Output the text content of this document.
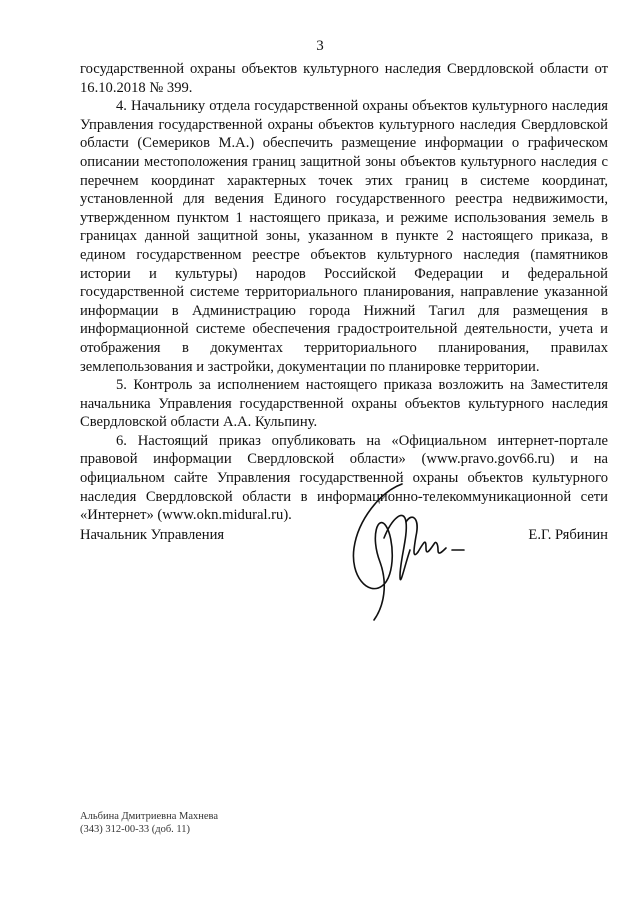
3

государственной охраны объектов культурного наследия Свердловской области от 16.10.2018 № 399.

4. Начальнику отдела государственной охраны объектов культурного наследия Управления государственной охраны объектов культурного наследия Свердловской области (Семериков М.А.) обеспечить размещение информации о графическом описании местоположения границ защитной зоны объектов культурного наследия с перечнем координат характерных точек этих границ в системе координат, установленной для ведения Единого государственного реестра недвижимости, утвержденном пунктом 1 настоящего приказа, и режиме использования земель в границах данной защитной зоны, указанном в пункте 2 настоящего приказа, в едином государственном реестре объектов культурного наследия (памятников истории и культуры) народов Российской Федерации и федеральной государственной системе территориального планирования, направление указанной информации в Администрацию города Нижний Тагил для размещения в информационной системе обеспечения градостроительной деятельности, учета и отображения в документах территориального планирования, правилах землепользования и застройки, документации по планировке территории.

5. Контроль за исполнением настоящего приказа возложить на Заместителя начальника Управления государственной охраны объектов культурного наследия Свердловской области А.А. Кульпину.

6. Настоящий приказ опубликовать на «Официальном интернет-портале правовой информации Свердловской области» (www.pravo.gov66.ru) и на официальном сайте Управления государственной охраны объектов культурного наследия Свердловской области в информационно-телекоммуникационной сети «Интернет» (www.okn.midural.ru).

Начальник Управления	Е.Г. Рябинин
Альбина Дмитриевна Махнева
(343) 312-00-33 (доб. 11)
